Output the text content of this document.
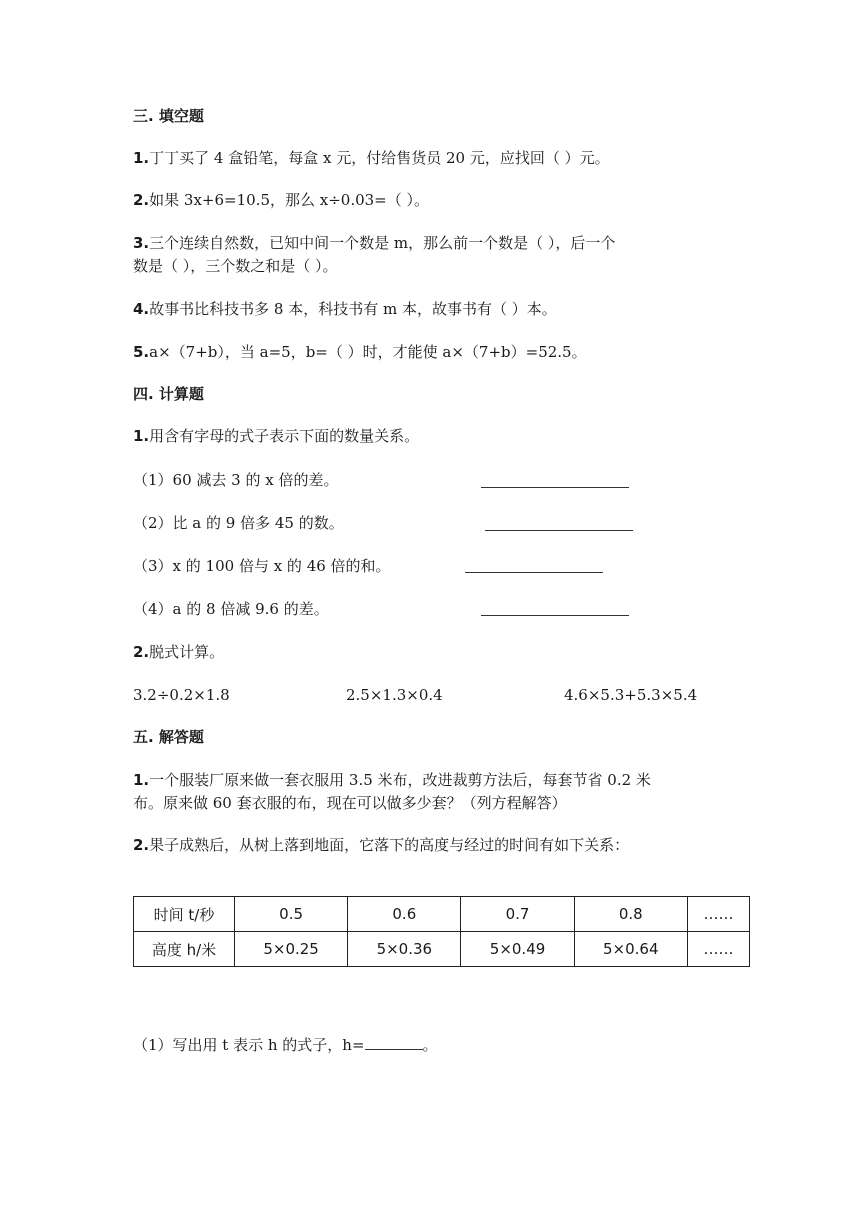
三. 填空题
1.丁丁买了 4 盒铅笔，每盒 x 元，付给售货员 20 元，应找回（ ）元。
2.如果 3x+6=10.5，那么 x÷0.03=（ ）。
3.三个连续自然数，已知中间一个数是 m，那么前一个数是（ ），后一个
数是（ ），三个数之和是（ ）。
4.故事书比科技书多 8 本，科技书有 m 本，故事书有（ ）本。
5.a×（7+b），当 a=5，b=（ ）时，才能使 a×（7+b）=52.5。
四. 计算题
1.用含有字母的式子表示下面的数量关系。
（1）60 减去 3 的 x 倍的差。
（2）比 a 的 9 倍多 45 的数。
（3）x 的 100 倍与 x 的 46 倍的和。
（4）a 的 8 倍减 9.6 的差。
2.脱式计算。
3.2÷0.2×1.8	2.5×1.3×0.4	4.6×5.3+5.3×5.4
五. 解答题
1.一个服装厂原来做一套衣服用 3.5 米布，改进裁剪方法后，每套节省 0.2 米
布。原来做 60 套衣服的布，现在可以做多少套？（列方程解答）
2.果子成熟后，从树上落到地面，它落下的高度与经过的时间有如下关系：
时间 t/秒	0.5	0.6	0.7	0.8	……
高度 h/米	5×0.25	5×0.36	5×0.49	5×0.64	……
（1）写出用 t 表示 h 的式子，h=	。
